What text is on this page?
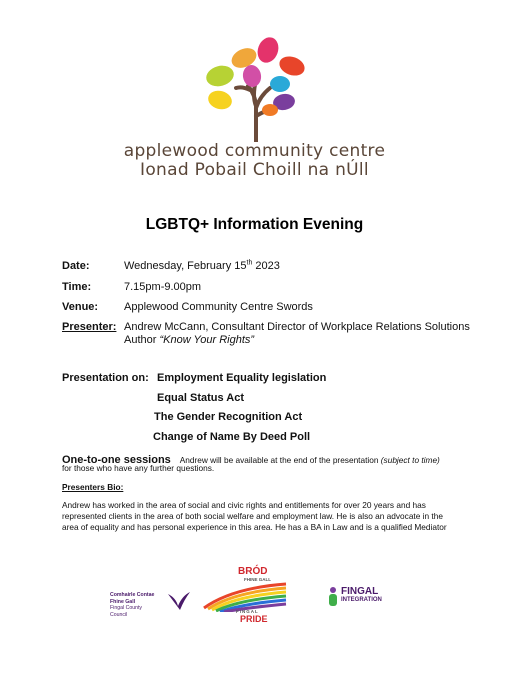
applewood community centre
Ionad Pobail Choill na nÚll
LGBTQ+ Information Evening
Date:	Wednesday, February 15th 2023
Time:	7.15pm-9.00pm
Venue: Applewood Community Centre Swords
Presenter: Andrew McCann, Consultant Director of Workplace Relations Solutions
Author “Know Your Rights”
Presentation on: Employment Equality legislation
Equal Status Act
The Gender Recognition Act
Change of Name By Deed Poll
One-to-one sessions Andrew will be available at the end of the presentation (subject to time)
for those who have any further questions.
Presenters Bio:
Andrew has worked in the area of social and civic rights and entitlements for over 20 years and has represented clients in the area of both social welfare and employment law. He is also an advocate in the area of equality and has personal experience in this area. He has a BA in Law and is a qualified Mediator
Comhairle Contae
Fhine Gall
Fingal County
Council
BRÓD
FHINE GALL
FINGAL
PRIDE
FINGAL
INTEGRATION
